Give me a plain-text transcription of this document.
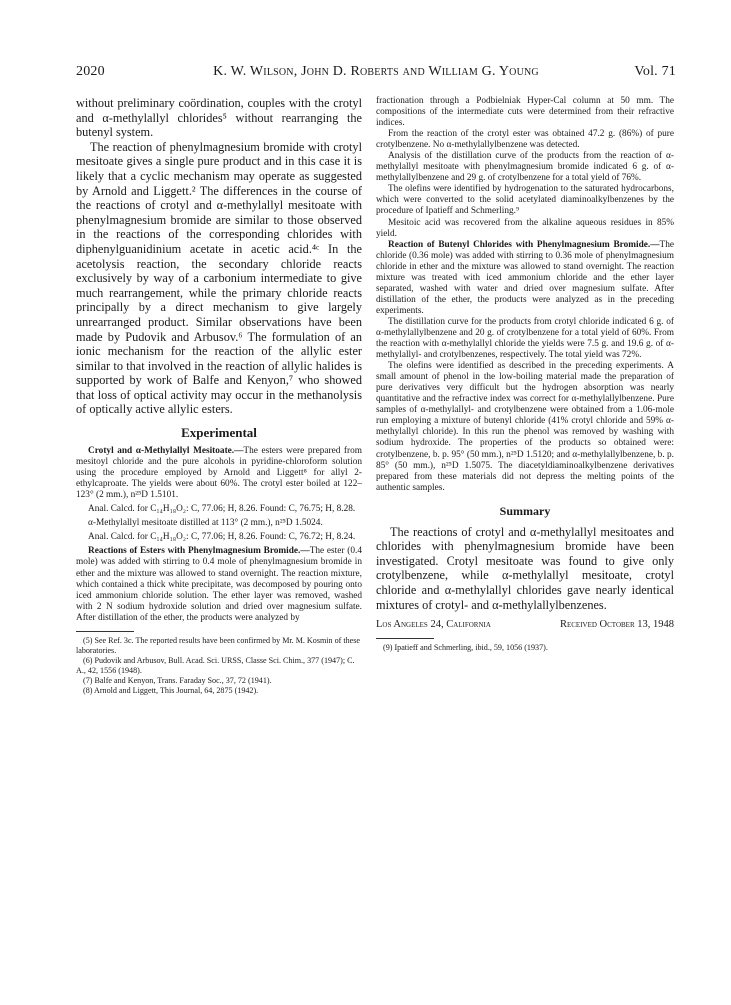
2020	K. W. Wilson, John D. Roberts and William G. Young	Vol. 71

without preliminary coördination, couples with the crotyl and α-methylallyl chlorides⁵ without rearranging the butenyl system.

The reaction of phenylmagnesium bromide with crotyl mesitoate gives a single pure product and in this case it is likely that a cyclic mechanism may operate as suggested by Arnold and Liggett.² The differences in the course of the reactions of crotyl and α-methylallyl mesitoate with phenylmagnesium bromide are similar to those observed in the reactions of the corresponding chlorides with diphenylguanidinium acetate in acetic acid.⁴ᶜ In the acetolysis reaction, the secondary chloride reacts exclusively by way of a carbonium intermediate to give much rearrangement, while the primary chloride reacts principally by a direct mechanism to give largely unrearranged product. Similar observations have been made by Pudovik and Arbusov.⁶ The formulation of an ionic mechanism for the reaction of the allylic ester similar to that involved in the reaction of allylic halides is supported by work of Balfe and Kenyon,⁷ who showed that loss of optical activity may occur in the methanolysis of optically active allylic esters.

Experimental

Crotyl and α-Methylallyl Mesitoate.—The esters were prepared from mesitoyl chloride and the pure alcohols in pyridine-chloroform solution using the procedure employed by Arnold and Liggett⁸ for allyl 2-ethylcaproate. The yields were about 60%. The crotyl ester boiled at 122–123° (2 mm.), n²⁵D 1.5101.

Anal. Calcd. for C₁₄H₁₈O₂: C, 77.06; H, 8.26. Found: C, 76.75; H, 8.28.

α-Methylallyl mesitoate distilled at 113° (2 mm.), n²⁵D 1.5024.

Anal. Calcd. for C₁₄H₁₈O₂: C, 77.06; H, 8.26. Found: C, 76.72; H, 8.24.

Reactions of Esters with Phenylmagnesium Bromide.—The ester (0.4 mole) was added with stirring to 0.4 mole of phenylmagnesium bromide in ether and the mixture was allowed to stand overnight. The reaction mixture, which contained a thick white precipitate, was decomposed by pouring onto iced ammonium chloride solution. The ether layer was removed, washed with 2 N sodium hydroxide solution and dried over magnesium sulfate. After distillation of the ether, the products were analyzed by

(5) See Ref. 3c. The reported results have been confirmed by Mr. M. Kosmin of these laboratories.

(6) Pudovik and Arbusov, Bull. Acad. Sci. URSS, Classe Sci. Chim., 377 (1947); C. A., 42, 1556 (1948).

(7) Balfe and Kenyon, Trans. Faraday Soc., 37, 72 (1941).

(8) Arnold and Liggett, This Journal, 64, 2875 (1942).

fractionation through a Podbielniak Hyper-Cal column at 50 mm. The compositions of the intermediate cuts were determined from their refractive indices.

From the reaction of the crotyl ester was obtained 47.2 g. (86%) of pure crotylbenzene. No α-methylallylbenzene was detected.

Analysis of the distillation curve of the products from the reaction of α-methylallyl mesitoate with phenylmagnesium bromide indicated 6 g. of α-methylallylbenzene and 29 g. of crotylbenzene for a total yield of 76%.

The olefins were identified by hydrogenation to the saturated hydrocarbons, which were converted to the solid acetylated diaminoalkylbenzenes by the procedure of Ipatieff and Schmerling.⁹

Mesitoic acid was recovered from the alkaline aqueous residues in 85% yield.

Reaction of Butenyl Chlorides with Phenylmagnesium Bromide.—The chloride (0.36 mole) was added with stirring to 0.36 mole of phenylmagnesium chloride in ether and the mixture was allowed to stand overnight. The reaction mixture was treated with iced ammonium chloride and the ether layer separated, washed with water and dried over magnesium sulfate. After distillation of the ether, the products were analyzed as in the preceding experiments.

The distillation curve for the products from crotyl chloride indicated 6 g. of α-methylallylbenzene and 20 g. of crotylbenzene for a total yield of 60%. From the reaction with α-methylallyl chloride the yields were 7.5 g. and 19.6 g. of α-methylallyl- and crotylbenzenes, respectively. The total yield was 72%.

The olefins were identified as described in the preceding experiments. A small amount of phenol in the low-boiling material made the preparation of pure derivatives very difficult but the hydrogen absorption was nearly quantitative and the refractive index was correct for α-methylallylbenzene. Pure samples of α-methylallyl- and crotylbenzene were obtained from a 1.06-mole run employing a mixture of butenyl chloride (41% crotyl chloride and 59% α-methylallyl chloride). In this run the phenol was removed by washing with sodium hydroxide. The properties of the products so obtained were: crotylbenzene, b. p. 95° (50 mm.), n²⁵D 1.5120; and α-methylallylbenzene, b. p. 85° (50 mm.), n²⁵D 1.5075. The diacetyldiaminoalkylbenzene derivatives prepared from these materials did not depress the melting points of the authentic samples.

Summary

The reactions of crotyl and α-methylallyl mesitoates and chlorides with phenylmagnesium bromide have been investigated. Crotyl mesitoate was found to give only crotylbenzene, while α-methylallyl mesitoate, crotyl chloride and α-methylallyl chlorides gave nearly identical mixtures of crotyl- and α-methylallylbenzenes.

Los Angeles 24, California	Received October 13, 1948

(9) Ipatieff and Schmerling, ibid., 59, 1056 (1937).
